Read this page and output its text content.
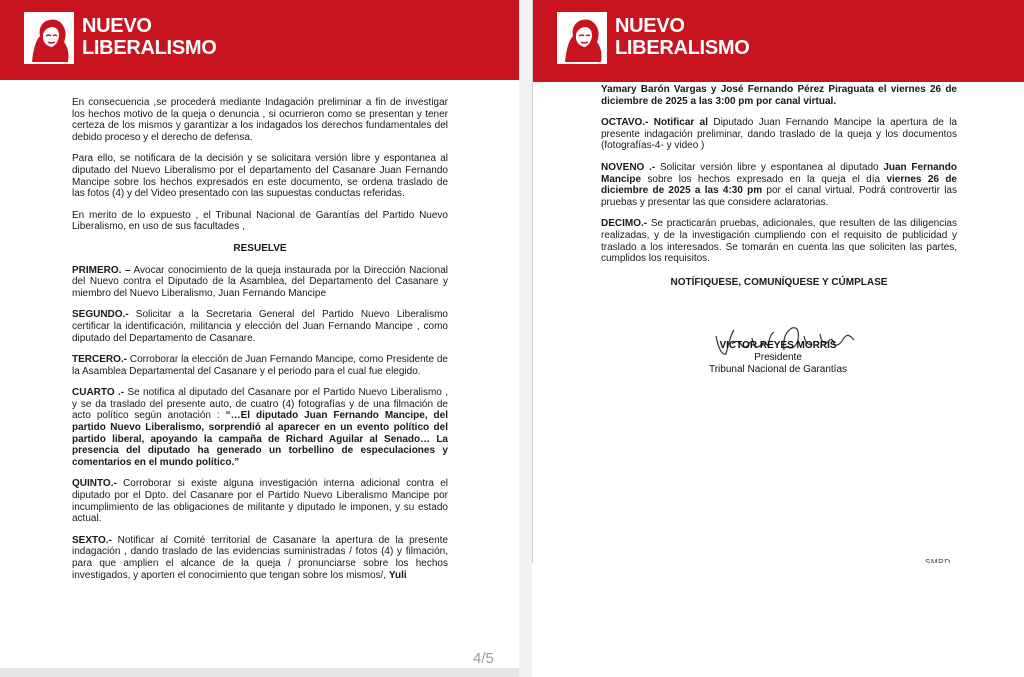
NUEVO
LIBERALISMO

En consecuencia ,se procederá mediante Indagación preliminar a fin de investigar los hechos motivo de la queja o denuncia , si ocurrieron como se presentan y tener certeza de los mismos y garantizar a los indagados los derechos fundamentales del debido proceso y el derecho de defensa.

Para ello, se notificara de la decisión y se solicitara versión libre y espontanea al diputado del Nuevo Liberalismo por el departamento del Casanare Juan Fernando Mancipe sobre los hechos expresados en este documento, se ordena traslado de las fotos (4) y del Video presentado con las supuestas conductas referidas.

En merito de lo expuesto , el Tribunal Nacional de Garantías del Partido Nuevo Liberalismo, en uso de sus facultades ,

RESUELVE

PRIMERO. – Avocar conocimiento de la queja instaurada por la Dirección Nacional del Nuevo contra el Diputado de la Asamblea, del Departamento del Casanare y miembro del Nuevo Liberalismo, Juan Fernando Mancipe

SEGUNDO.- Solicitar a la Secretaria General del Partido Nuevo Liberalismo certificar la identificación, militancia y elección del Juan Fernando Mancipe , como diputado del Departamento de Casanare.

TERCERO.- Corroborar la elección de Juan Fernando Mancipe, como Presidente de la Asamblea Departamental del Casanare y el periodo para el cual fue elegido.

CUARTO .- Se notifica al diputado del Casanare por el Partido Nuevo Liberalismo , y se da traslado del presente auto, de cuatro (4) fotografías y de una filmación de acto político según anotación : “…El diputado Juan Fernando Mancipe, del partido Nuevo Liberalismo, sorprendió al aparecer en un evento político del partido liberal, apoyando la campaña de Richard Aguilar al Senado… La presencia del diputado ha generado un torbellino de especulaciones y comentarios en el mundo político.”

QUINTO.- Corroborar si existe alguna investigación interna adicional contra el diputado por el Dpto. del Casanare por el Partido Nuevo Liberalismo Mancipe por incumplimiento de las obligaciones de militante y diputado le imponen, y su estado actual.

SEXTO.- Notificar al Comité territorial de Casanare la apertura de la presente indagación , dando traslado de las evidencias suministradas / fotos (4) y filmación, para que amplien el alcance de la queja / pronunciarse sobre los hechos investigados, y aporten el conocimiento que tengan sobre los mismos/, Yuli

4/5
NUEVO
LIBERALISMO

Yamary Barón Vargas y José Fernando Pérez Piraguata el viernes 26 de diciembre de 2025 a las 3:00 pm por canal virtual.

OCTAVO.- Notificar al Diputado Juan Fernando Mancipe la apertura de la presente indagación preliminar, dando traslado de la queja y los documentos (fotografías-4- y video )

NOVENO .- Solicitar versión libre y espontanea al diputado Juan Fernando Mancipe sobre los hechos expresado en la queja el día viernes 26 de diciembre de 2025 a las 4:30 pm por el canal virtual. Podrá controvertir las pruebas y presentar las que considere aclaratorias.

DECIMO.- Se practicarán pruebas, adicionales, que resulten de las diligencias realizadas, y de la investigación cumpliendo con el requisito de publicidad y traslado a los interesados. Se tomarán en cuenta las que soliciten las partes, cumplidos los requisitos.

NOTÍFIQUESE, COMUNÍQUESE Y CÚMPLASE

VICTOR REYES MORRIS
Presidente
Tribunal Nacional de Garantías
